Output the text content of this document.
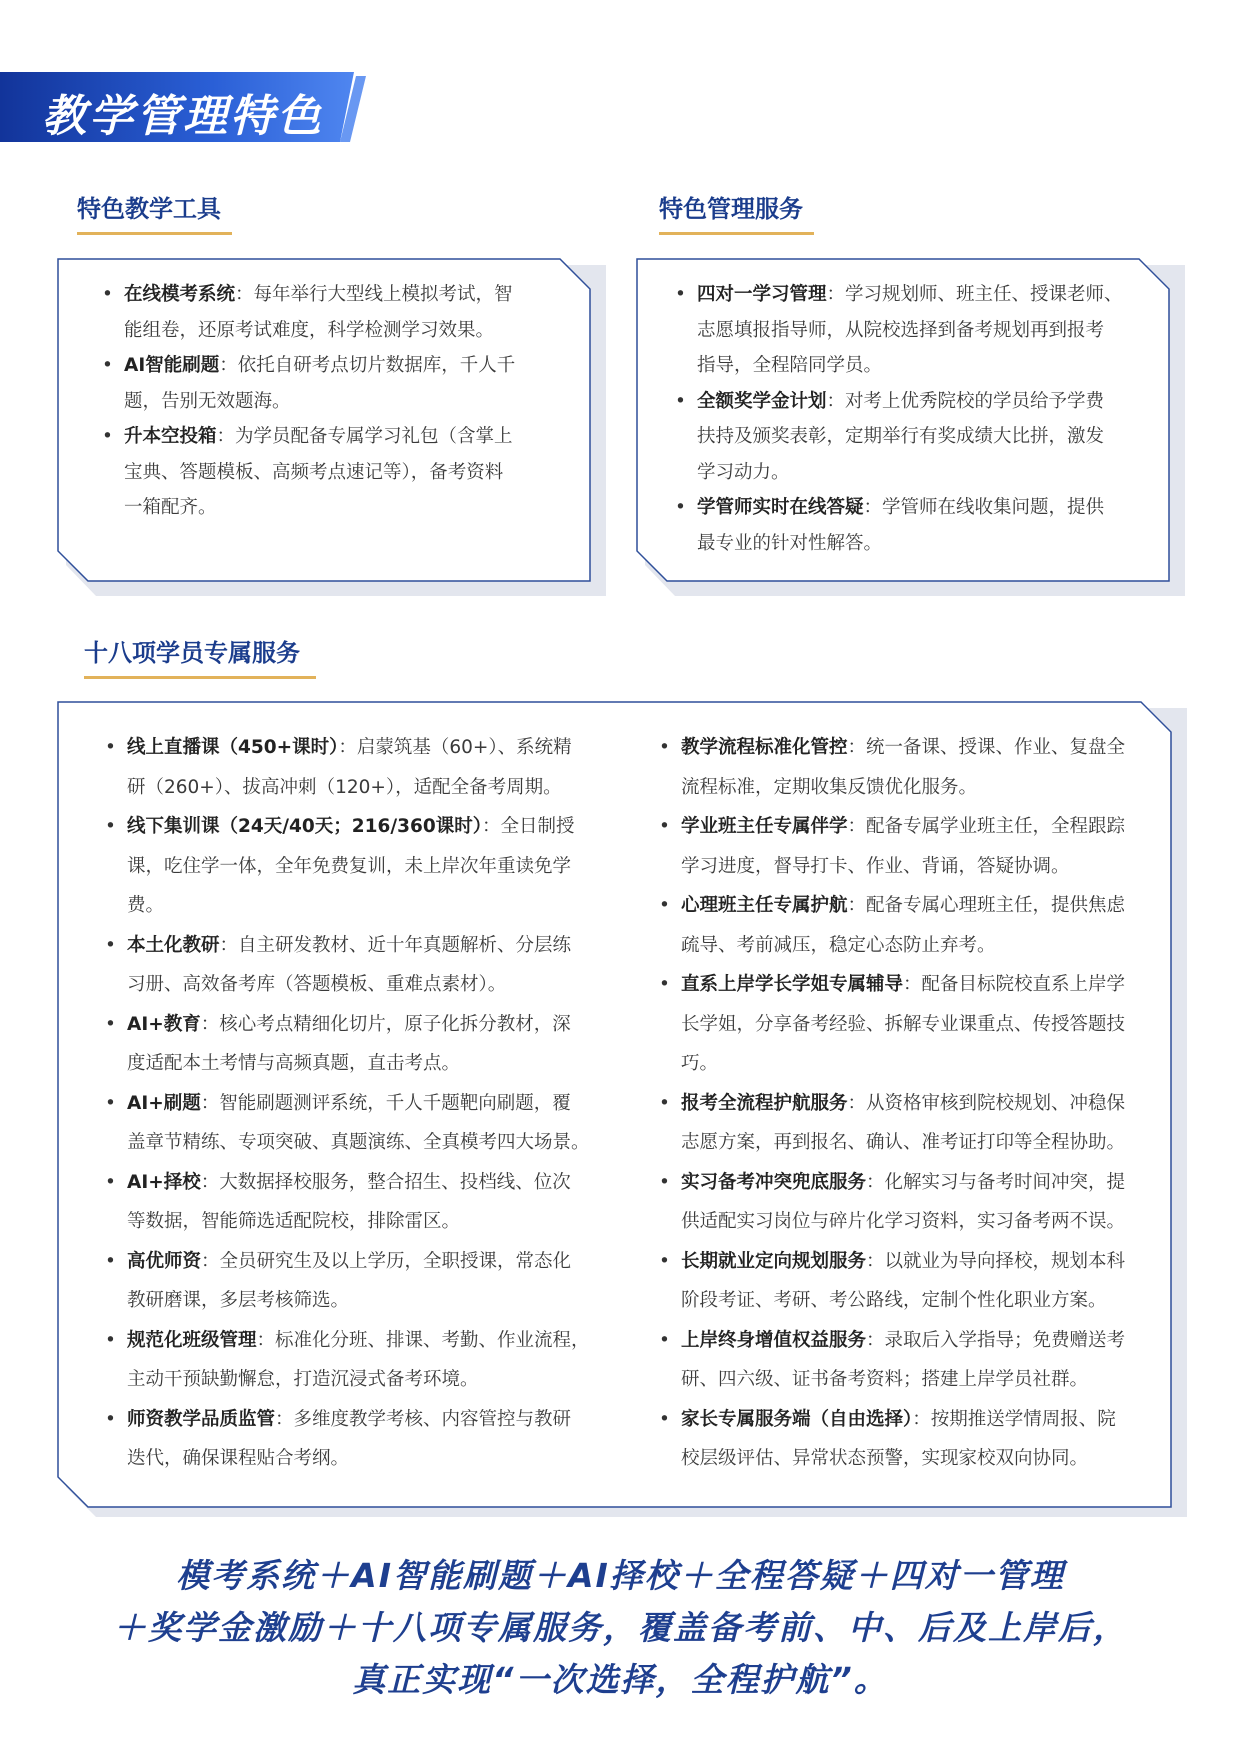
教学管理特色
特色教学工具
• 在线模考系统：每年举行大型线上模拟考试，智
能组卷，还原考试难度，科学检测学习效果。
• AI智能刷题：依托自研考点切片数据库，千人千
题，告别无效题海。
• 升本空投箱：为学员配备专属学习礼包（含掌上
宝典、答题模板、高频考点速记等），备考资料
一箱配齐。
特色管理服务
• 四对一学习管理：学习规划师、班主任、授课老师、
志愿填报指导师，从院校选择到备考规划再到报考
指导，全程陪同学员。
• 全额奖学金计划：对考上优秀院校的学员给予学费
扶持及颁奖表彰，定期举行有奖成绩大比拼，激发
学习动力。
• 学管师实时在线答疑：学管师在线收集问题，提供
最专业的针对性解答。
十八项学员专属服务
• 线上直播课（450+课时）：启蒙筑基（60+）、系统精
研（260+）、拔高冲刺（120+），适配全备考周期。
• 线下集训课（24天/40天；216/360课时）：全日制授
课，吃住学一体，全年免费复训，未上岸次年重读免学
费。
• 本土化教研：自主研发教材、近十年真题解析、分层练
习册、高效备考库（答题模板、重难点素材）。
• AI+教育：核心考点精细化切片，原子化拆分教材，深
度适配本土考情与高频真题，直击考点。
• AI+刷题：智能刷题测评系统，千人千题靶向刷题，覆
盖章节精练、专项突破、真题演练、全真模考四大场景。
• AI+择校：大数据择校服务，整合招生、投档线、位次
等数据，智能筛选适配院校，排除雷区。
• 高优师资：全员研究生及以上学历，全职授课，常态化
教研磨课，多层考核筛选。
• 规范化班级管理：标准化分班、排课、考勤、作业流程，
主动干预缺勤懈怠，打造沉浸式备考环境。
• 师资教学品质监管：多维度教学考核、内容管控与教研
迭代，确保课程贴合考纲。
• 教学流程标准化管控：统一备课、授课、作业、复盘全
流程标准，定期收集反馈优化服务。
• 学业班主任专属伴学：配备专属学业班主任，全程跟踪
学习进度，督导打卡、作业、背诵，答疑协调。
• 心理班主任专属护航：配备专属心理班主任，提供焦虑
疏导、考前减压，稳定心态防止弃考。
• 直系上岸学长学姐专属辅导：配备目标院校直系上岸学
长学姐，分享备考经验、拆解专业课重点、传授答题技
巧。
• 报考全流程护航服务：从资格审核到院校规划、冲稳保
志愿方案，再到报名、确认、准考证打印等全程协助。
• 实习备考冲突兜底服务：化解实习与备考时间冲突，提
供适配实习岗位与碎片化学习资料，实习备考两不误。
• 长期就业定向规划服务：以就业为导向择校，规划本科
阶段考证、考研、考公路线，定制个性化职业方案。
• 上岸终身增值权益服务：录取后入学指导；免费赠送考
研、四六级、证书备考资料；搭建上岸学员社群。
• 家长专属服务端（自由选择）：按期推送学情周报、院
校层级评估、异常状态预警，实现家校双向协同。
模考系统＋AI智能刷题＋AI择校＋全程答疑＋四对一管理
＋奖学金激励＋十八项专属服务，覆盖备考前、中、后及上岸后，
真正实现“一次选择，全程护航”。
